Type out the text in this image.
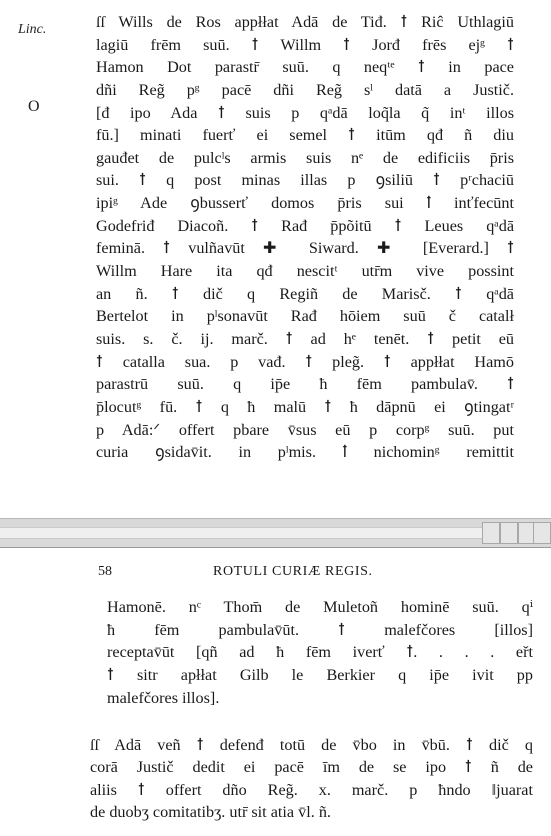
Linc.
O
ſſ Wills de Ros appłłat Adā de Tiđ. ꝉ Riĉ Uthlagiū
lagiū frēm suū. ꝉ Willm ꝉ Jorđ frēs ejᵍ ꝉ
Hamon Dot parastr̄ suū. q neqᵗᵉ ꝉ in pace
dñi Reg̃ pᵍ pacē dñi Reg̃ sˡ datā a Justič.
[đ ipo Ada ꝉ suis p qᵃdā loq̃la q̃ inᵗ illos
fū.] minati fuerť ei semel ꝉ itūm qđ ñ diu
gauđet de pulcˡs armis suis nᵉ de edificiis p̄ris
sui. ꝉ q post minas illas p ꝯsiliū ꝉ pʳchaciū
ipiᵍ Ade ꝯbusserť domos p̄ris sui ꝉ inťfecūnt
Godefriđ Diacoñ. ꝉ Rađ p̄põitū ꝉ Leues qᵃdā
feminā. ꝉ vulñavūt ✚ Siward. ✚ [Everard.] ꝉ
Willm Hare ita qđ nescitᵗ utr̄m vive possint
an ñ. ꝉ dič q Regiñ de Marisč. ꝉ qᵃdā
Bertelot in pˡsonavūt Rađ hōiem suū č catalł
suis. s. č. ij. marč. ꝉ ad hᵉ tenēt. ꝉ petit eū
ꝉ catalla sua. p vađ. ꝉ pleg̃. ꝉ appłłat Hamō
parastrū suū. q ip̄e ħ fēm pambulav̄. ꝉ
p̄locutᵍ fū. ꝉ q ħ malū ꝉ ħ dāpnū ei ꝯtingatʳ
p Adā:ᐟ offert pbare v̄sus eū p corpᵍ suū. put
curia ꝯsidav̄it. in pˡmis. ꝉ nichominᵍ remittit
58	ROTULI CURIÆ REGIS.
Hamonē. nᶜ Thom̄ de Muletoñ hominē suū. qⁱ
ħ fēm pambulav̄ūt. ꝉ malefčores [illos]
receptav̄ūt [qñ ad ħ fēm iverť ꝉ. . . . eřt
ꝉ sitr apłłat Gilb le Berkier q ip̄e ivit pp
malefčores illos].
ſſ Adā veñ ꝉ defenđ totū de v̄bo in v̄bū. ꝉ dič q
corā Justič dedit ei pacē īm de se ipo ꝉ ñ de
aliis ꝉ offert dño Reg̃. x. marč. p ħndo ‖juarat
de duobʒ comitatibʒ. utr̄ sit atia v̄l. ñ.
